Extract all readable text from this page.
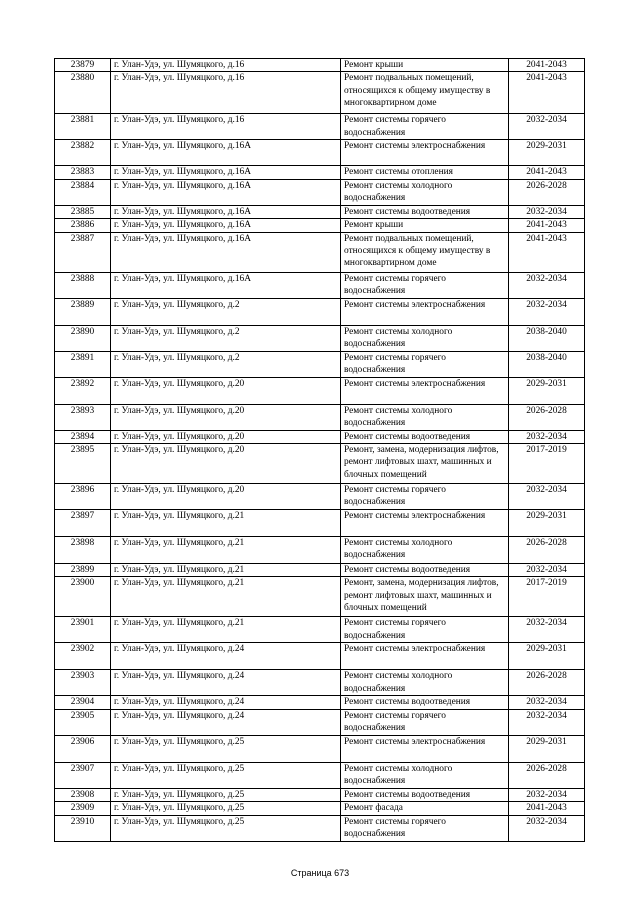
23879	г. Улан-Удэ, ул. Шумяцкого, д.16	Ремонт крыши	2041-2043
23880	г. Улан-Удэ, ул. Шумяцкого, д.16	Ремонт подвальных помещений, относящихся к общему имуществу в многоквартирном доме	2041-2043
23881	г. Улан-Удэ, ул. Шумяцкого, д.16	Ремонт системы горячего водоснабжения	2032-2034
23882	г. Улан-Удэ, ул. Шумяцкого, д.16А	Ремонт системы электроснабжения	2029-2031
23883	г. Улан-Удэ, ул. Шумяцкого, д.16А	Ремонт системы отопления	2041-2043
23884	г. Улан-Удэ, ул. Шумяцкого, д.16А	Ремонт системы холодного водоснабжения	2026-2028
23885	г. Улан-Удэ, ул. Шумяцкого, д.16А	Ремонт системы водоотведения	2032-2034
23886	г. Улан-Удэ, ул. Шумяцкого, д.16А	Ремонт крыши	2041-2043
23887	г. Улан-Удэ, ул. Шумяцкого, д.16А	Ремонт подвальных помещений, относящихся к общему имуществу в многоквартирном доме	2041-2043
23888	г. Улан-Удэ, ул. Шумяцкого, д.16А	Ремонт системы горячего водоснабжения	2032-2034
23889	г. Улан-Удэ, ул. Шумяцкого, д.2	Ремонт системы электроснабжения	2032-2034
23890	г. Улан-Удэ, ул. Шумяцкого, д.2	Ремонт системы холодного водоснабжения	2038-2040
23891	г. Улан-Удэ, ул. Шумяцкого, д.2	Ремонт системы горячего водоснабжения	2038-2040
23892	г. Улан-Удэ, ул. Шумяцкого, д.20	Ремонт системы электроснабжения	2029-2031
23893	г. Улан-Удэ, ул. Шумяцкого, д.20	Ремонт системы холодного водоснабжения	2026-2028
23894	г. Улан-Удэ, ул. Шумяцкого, д.20	Ремонт системы водоотведения	2032-2034
23895	г. Улан-Удэ, ул. Шумяцкого, д.20	Ремонт, замена, модернизация лифтов, ремонт лифтовых шахт, машинных и блочных помещений	2017-2019
23896	г. Улан-Удэ, ул. Шумяцкого, д.20	Ремонт системы горячего водоснабжения	2032-2034
23897	г. Улан-Удэ, ул. Шумяцкого, д.21	Ремонт системы электроснабжения	2029-2031
23898	г. Улан-Удэ, ул. Шумяцкого, д.21	Ремонт системы холодного водоснабжения	2026-2028
23899	г. Улан-Удэ, ул. Шумяцкого, д.21	Ремонт системы водоотведения	2032-2034
23900	г. Улан-Удэ, ул. Шумяцкого, д.21	Ремонт, замена, модернизация лифтов, ремонт лифтовых шахт, машинных и блочных помещений	2017-2019
23901	г. Улан-Удэ, ул. Шумяцкого, д.21	Ремонт системы горячего водоснабжения	2032-2034
23902	г. Улан-Удэ, ул. Шумяцкого, д.24	Ремонт системы электроснабжения	2029-2031
23903	г. Улан-Удэ, ул. Шумяцкого, д.24	Ремонт системы холодного водоснабжения	2026-2028
23904	г. Улан-Удэ, ул. Шумяцкого, д.24	Ремонт системы водоотведения	2032-2034
23905	г. Улан-Удэ, ул. Шумяцкого, д.24	Ремонт системы горячего водоснабжения	2032-2034
23906	г. Улан-Удэ, ул. Шумяцкого, д.25	Ремонт системы электроснабжения	2029-2031
23907	г. Улан-Удэ, ул. Шумяцкого, д.25	Ремонт системы холодного водоснабжения	2026-2028
23908	г. Улан-Удэ, ул. Шумяцкого, д.25	Ремонт системы водоотведения	2032-2034
23909	г. Улан-Удэ, ул. Шумяцкого, д.25	Ремонт фасада	2041-2043
23910	г. Улан-Удэ, ул. Шумяцкого, д.25	Ремонт системы горячего водоснабжения	2032-2034
Страница 673
